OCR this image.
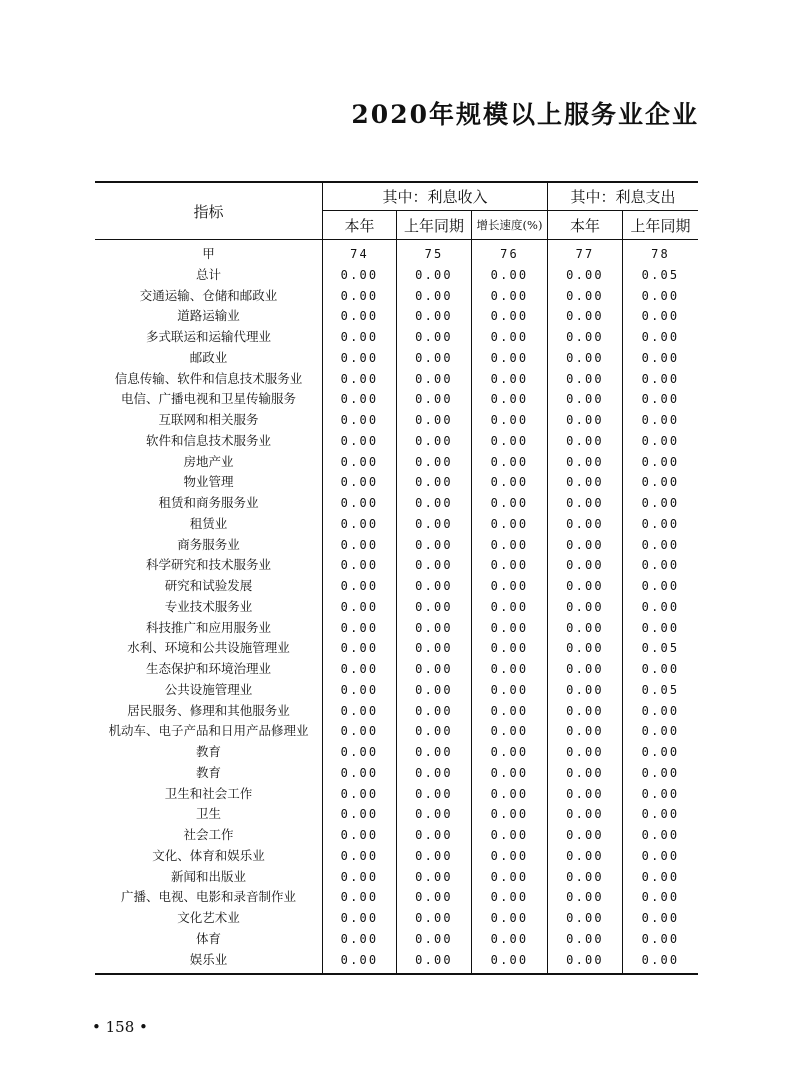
2020年规模以上服务业企业
指标
其中：利息收入	其中：利息支出
本年	上年同期	增长速度(%)	本年	上年同期
甲	74	75	76	77	78
总计	0.00	0.00	0.00	0.00	0.05
交通运输、仓储和邮政业	0.00	0.00	0.00	0.00	0.00
道路运输业	0.00	0.00	0.00	0.00	0.00
多式联运和运输代理业	0.00	0.00	0.00	0.00	0.00
邮政业	0.00	0.00	0.00	0.00	0.00
信息传输、软件和信息技术服务业	0.00	0.00	0.00	0.00	0.00
电信、广播电视和卫星传输服务	0.00	0.00	0.00	0.00	0.00
互联网和相关服务	0.00	0.00	0.00	0.00	0.00
软件和信息技术服务业	0.00	0.00	0.00	0.00	0.00
房地产业	0.00	0.00	0.00	0.00	0.00
物业管理	0.00	0.00	0.00	0.00	0.00
租赁和商务服务业	0.00	0.00	0.00	0.00	0.00
租赁业	0.00	0.00	0.00	0.00	0.00
商务服务业	0.00	0.00	0.00	0.00	0.00
科学研究和技术服务业	0.00	0.00	0.00	0.00	0.00
研究和试验发展	0.00	0.00	0.00	0.00	0.00
专业技术服务业	0.00	0.00	0.00	0.00	0.00
科技推广和应用服务业	0.00	0.00	0.00	0.00	0.00
水利、环境和公共设施管理业	0.00	0.00	0.00	0.00	0.05
生态保护和环境治理业	0.00	0.00	0.00	0.00	0.00
公共设施管理业	0.00	0.00	0.00	0.00	0.05
居民服务、修理和其他服务业	0.00	0.00	0.00	0.00	0.00
机动车、电子产品和日用产品修理业	0.00	0.00	0.00	0.00	0.00
教育	0.00	0.00	0.00	0.00	0.00
教育	0.00	0.00	0.00	0.00	0.00
卫生和社会工作	0.00	0.00	0.00	0.00	0.00
卫生	0.00	0.00	0.00	0.00	0.00
社会工作	0.00	0.00	0.00	0.00	0.00
文化、体育和娱乐业	0.00	0.00	0.00	0.00	0.00
新闻和出版业	0.00	0.00	0.00	0.00	0.00
广播、电视、电影和录音制作业	0.00	0.00	0.00	0.00	0.00
文化艺术业	0.00	0.00	0.00	0.00	0.00
体育	0.00	0.00	0.00	0.00	0.00
娱乐业	0.00	0.00	0.00	0.00	0.00
• 158 •
